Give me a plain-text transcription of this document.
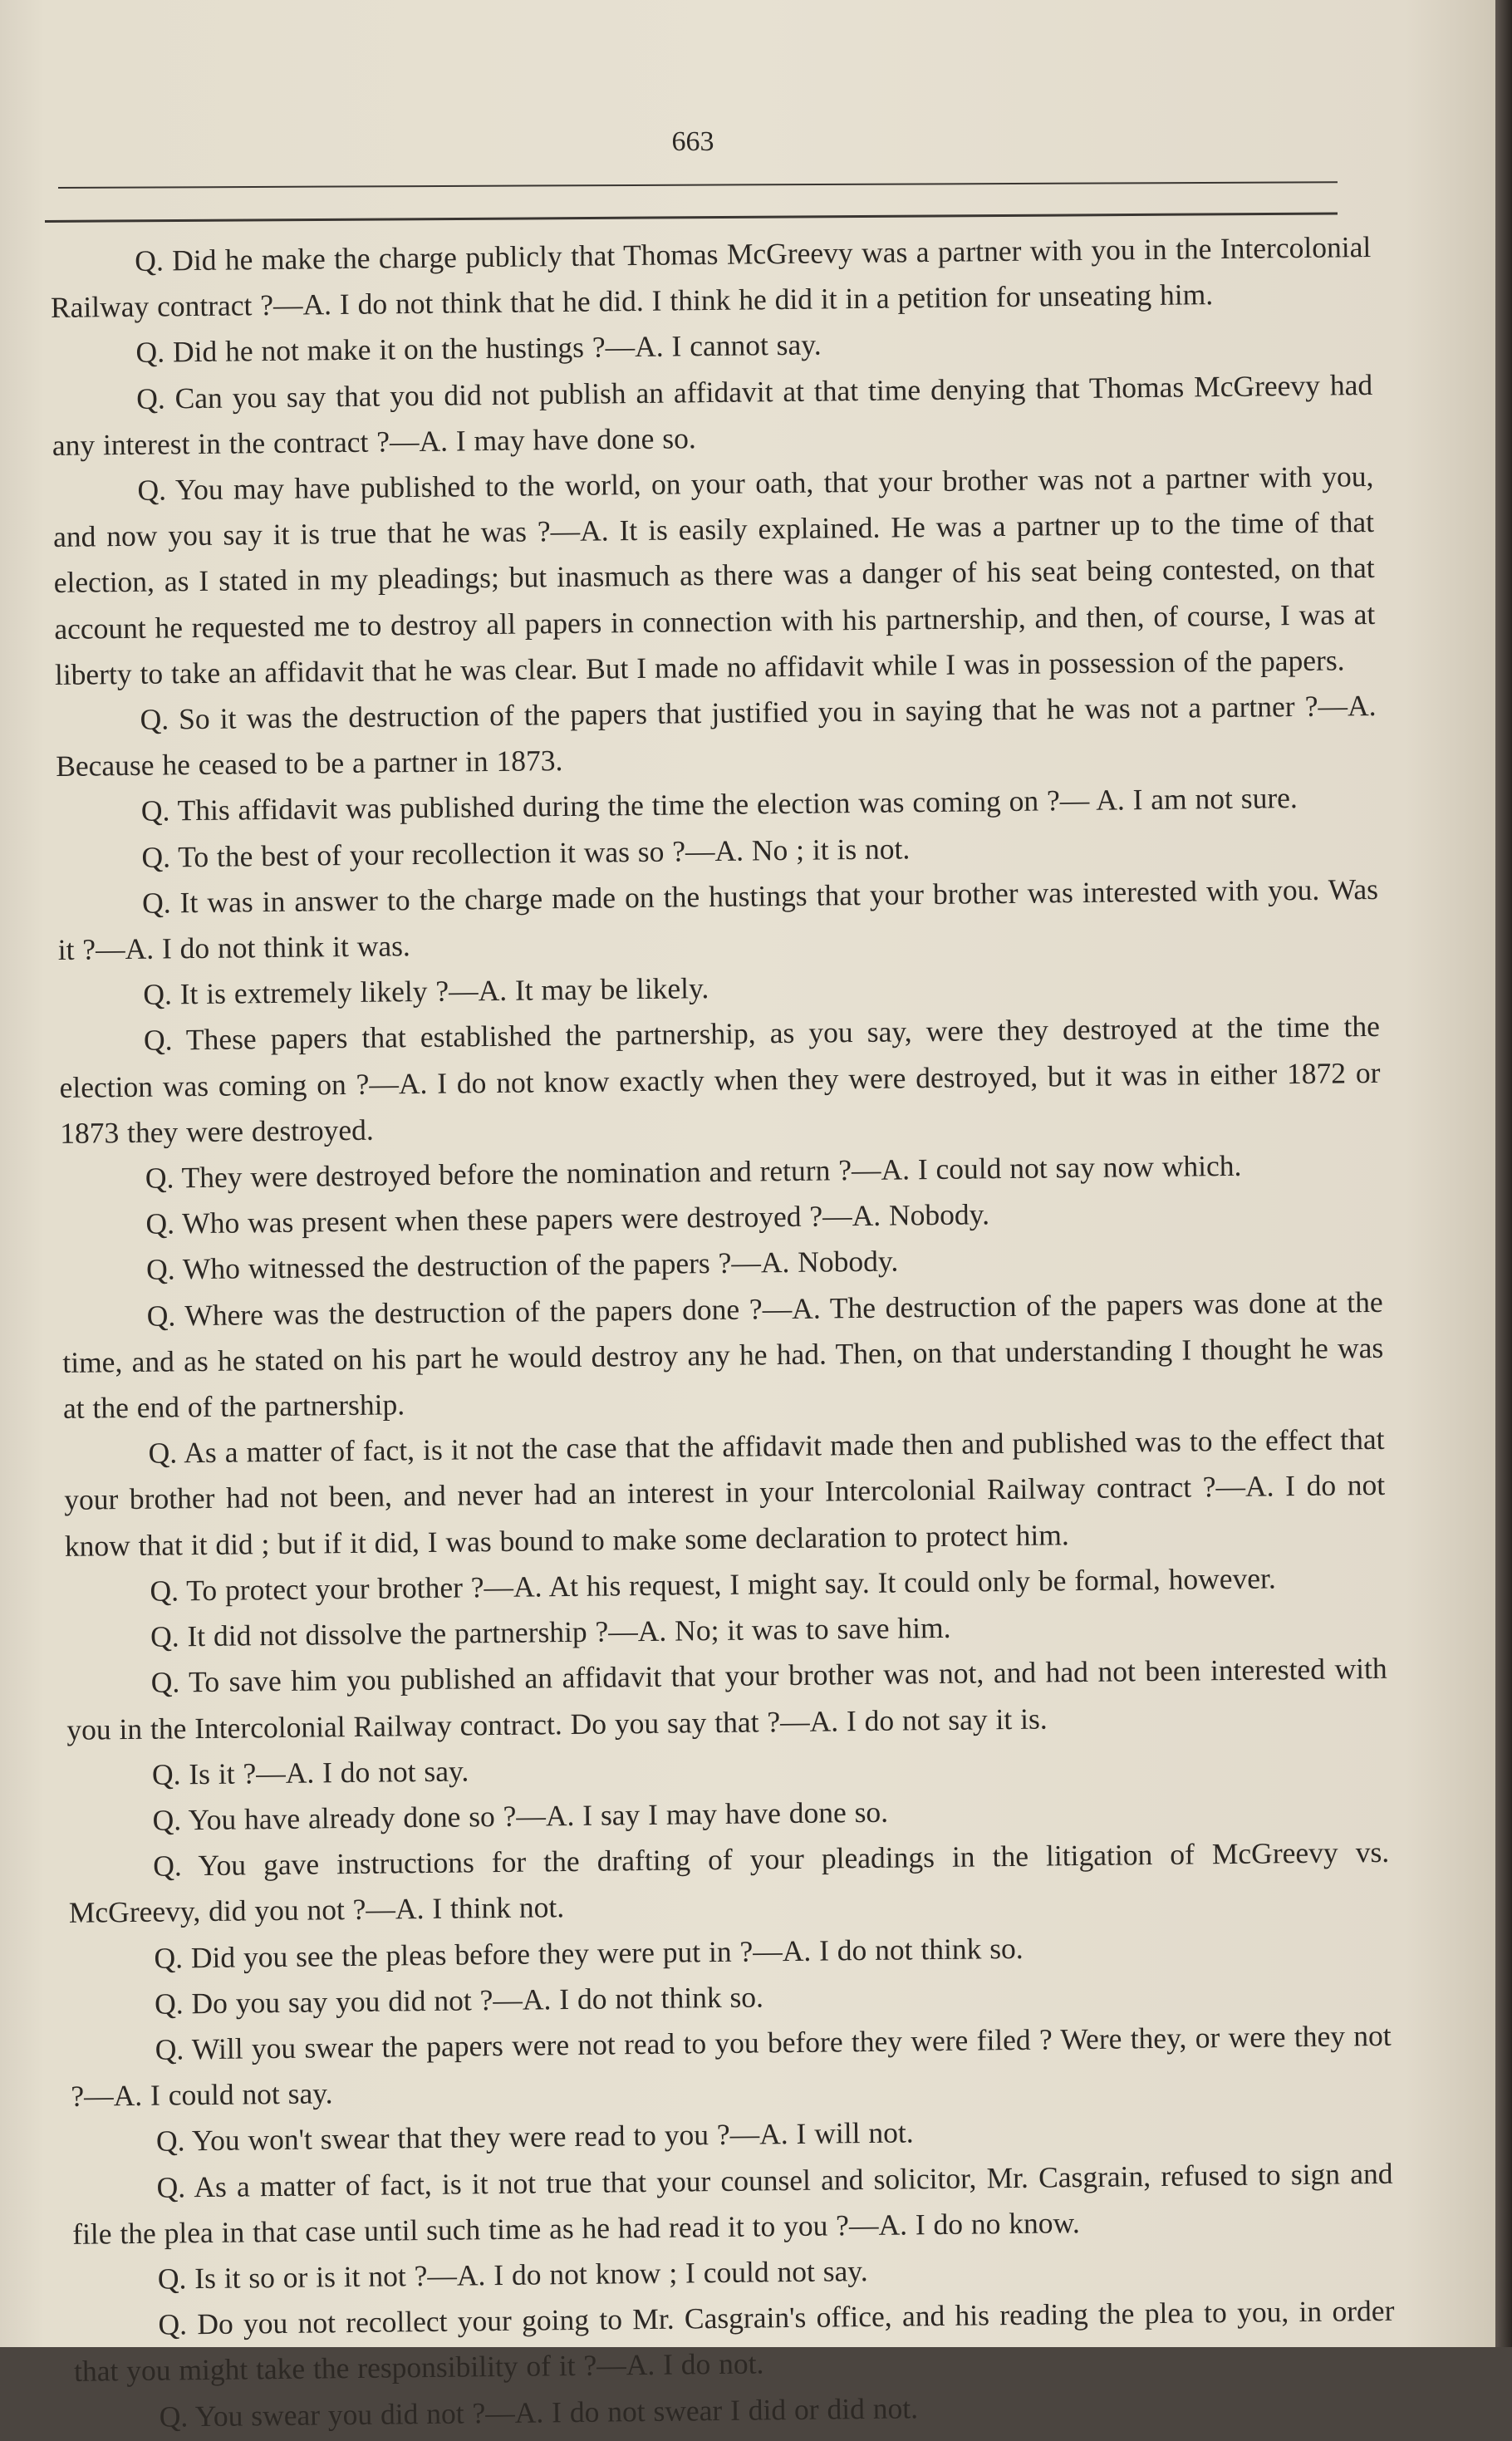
663

Q. Did he make the charge publicly that Thomas McGreevy was a partner with you in the Intercolonial Railway contract ?—A. I do not think that he did. I think he did it in a petition for unseating him.

Q. Did he not make it on the hustings ?—A. I cannot say.

Q. Can you say that you did not publish an affidavit at that time denying that Thomas McGreevy had any interest in the contract ?—A. I may have done so.

Q. You may have published to the world, on your oath, that your brother was not a partner with you, and now you say it is true that he was ?—A. It is easily explained. He was a partner up to the time of that election, as I stated in my pleadings; but inasmuch as there was a danger of his seat being contested, on that account he requested me to destroy all papers in connection with his partnership, and then, of course, I was at liberty to take an affidavit that he was clear. But I made no affidavit while I was in possession of the papers.

Q. So it was the destruction of the papers that justified you in saying that he was not a partner ?—A. Because he ceased to be a partner in 1873.

Q. This affidavit was published during the time the election was coming on ?— A. I am not sure.

Q. To the best of your recollection it was so ?—A. No ; it is not.

Q. It was in answer to the charge made on the hustings that your brother was interested with you. Was it ?—A. I do not think it was.

Q. It is extremely likely ?—A. It may be likely.

Q. These papers that established the partnership, as you say, were they destroyed at the time the election was coming on ?—A. I do not know exactly when they were destroyed, but it was in either 1872 or 1873 they were destroyed.

Q. They were destroyed before the nomination and return ?—A. I could not say now which.

Q. Who was present when these papers were destroyed ?—A. Nobody.

Q. Who witnessed the destruction of the papers ?—A. Nobody.

Q. Where was the destruction of the papers done ?—A. The destruction of the papers was done at the time, and as he stated on his part he would destroy any he had. Then, on that understanding I thought he was at the end of the partnership.

Q. As a matter of fact, is it not the case that the affidavit made then and published was to the effect that your brother had not been, and never had an interest in your Intercolonial Railway contract ?—A. I do not know that it did ; but if it did, I was bound to make some declaration to protect him.

Q. To protect your brother ?—A. At his request, I might say. It could only be formal, however.

Q. It did not dissolve the partnership ?—A. No; it was to save him.

Q. To save him you published an affidavit that your brother was not, and had not been interested with you in the Intercolonial Railway contract. Do you say that ?—A. I do not say it is.

Q. Is it ?—A. I do not say.

Q. You have already done so ?—A. I say I may have done so.

Q. You gave instructions for the drafting of your pleadings in the litigation of McGreevy vs. McGreevy, did you not ?—A. I think not.

Q. Did you see the pleas before they were put in ?—A. I do not think so.

Q. Do you say you did not ?—A. I do not think so.

Q. Will you swear the papers were not read to you before they were filed ? Were they, or were they not ?—A. I could not say.

Q. You won't swear that they were read to you ?—A. I will not.

Q. As a matter of fact, is it not true that your counsel and solicitor, Mr. Casgrain, refused to sign and file the plea in that case until such time as he had read it to you ?—A. I do no know.

Q. Is it so or is it not ?—A. I do not know ; I could not say.

Q. Do you not recollect your going to Mr. Casgrain's office, and his reading the plea to you, in order that you might take the responsibility of it ?—A. I do not.

Q. You swear you did not ?—A. I do not swear I did or did not.
